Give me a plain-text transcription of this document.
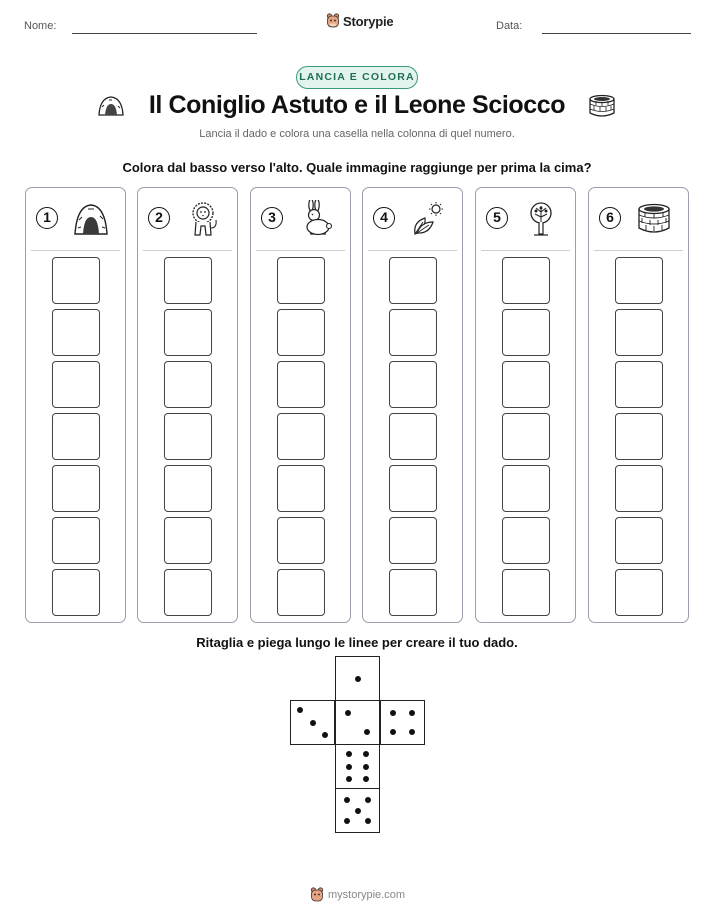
Nome:	Storypie	Data:
LANCIA E COLORA
Il Coniglio Astuto e il Leone Sciocco
Lancia il dado e colora una casella nella colonna di quel numero.
Colora dal basso verso l'alto. Quale immagine raggiunge per prima la cima?
1	2	3	4	5	6
Ritaglia e piega lungo le linee per creare il tuo dado.
mystorypie.com
